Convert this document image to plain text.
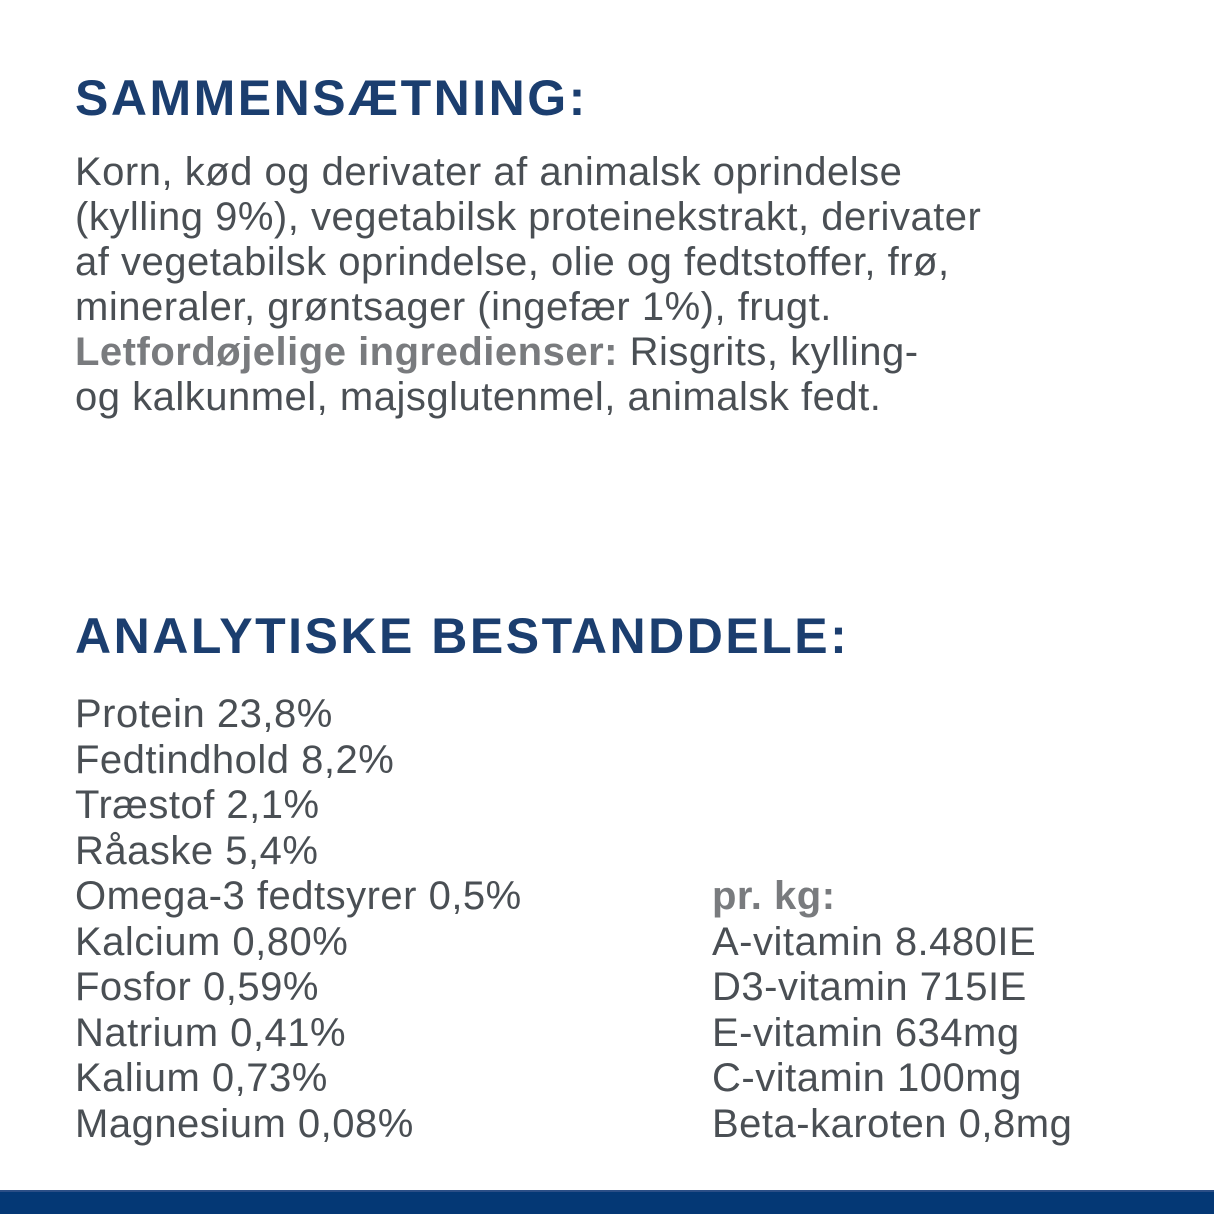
SAMMENSÆTNING:
Korn, kød og derivater af animalsk oprindelse
(kylling 9%), vegetabilsk proteinekstrakt, derivater
af vegetabilsk oprindelse, olie og fedtstoffer, frø,
mineraler, grøntsager (ingefær 1%), frugt.
Letfordøjelige ingredienser: Risgrits, kylling-
og kalkunmel, majsglutenmel, animalsk fedt.
ANALYTISKE BESTANDDELE:
Protein 23,8%
Fedtindhold 8,2%
Træstof 2,1%
Råaske 5,4%
Omega-3 fedtsyrer 0,5%
Kalcium 0,80%
Fosfor 0,59%
Natrium 0,41%
Kalium 0,73%
Magnesium 0,08%
pr. kg:
A-vitamin 8.480IE
D3-vitamin 715IE
E-vitamin 634mg
C-vitamin 100mg
Beta-karoten 0,8mg
